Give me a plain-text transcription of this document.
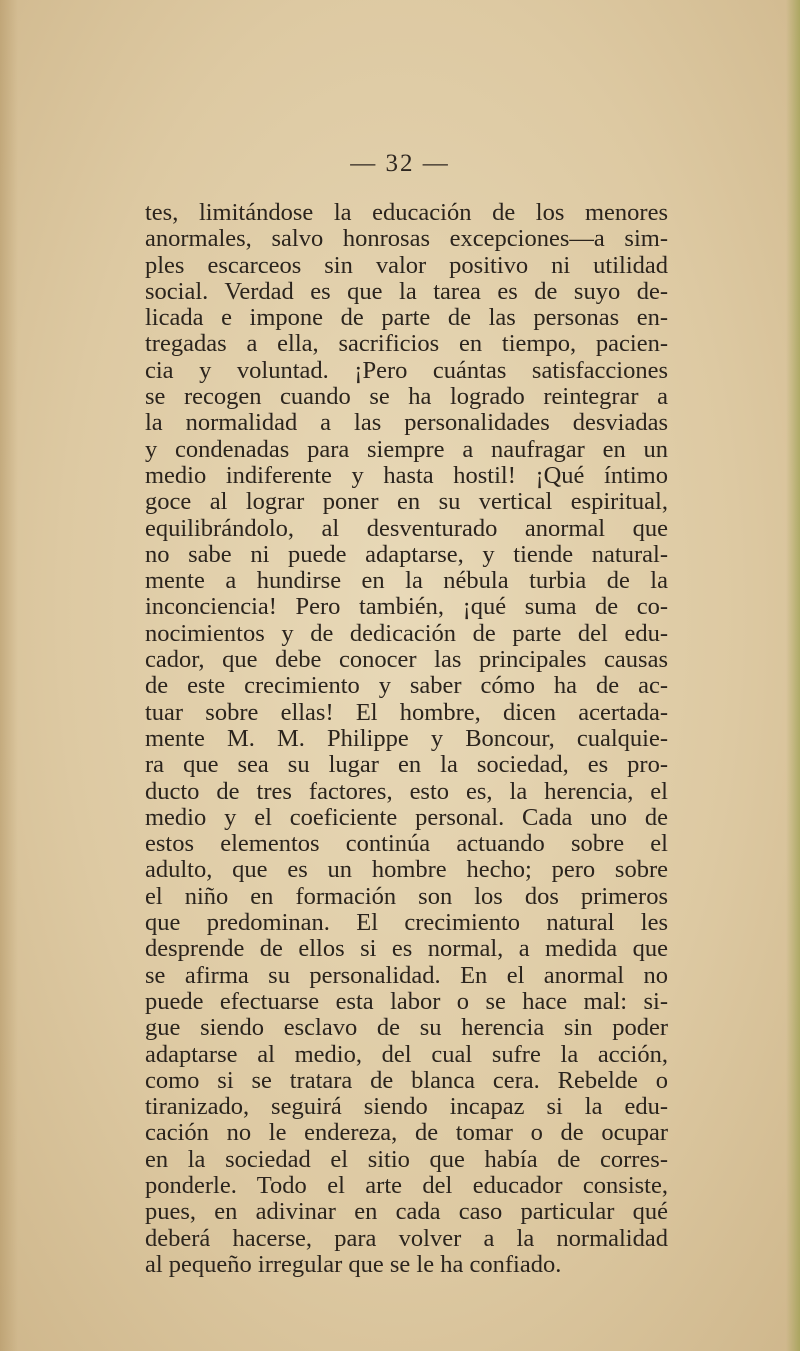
— 32 —
tes, limitándose la educación de los menores
anormales, salvo honrosas excepciones—a sim-
ples escarceos sin valor positivo ni utilidad
social. Verdad es que la tarea es de suyo de-
licada e impone de parte de las personas en-
tregadas a ella, sacrificios en tiempo, pacien-
cia y voluntad. ¡Pero cuántas satisfacciones
se recogen cuando se ha logrado reintegrar a
la normalidad a las personalidades desviadas
y condenadas para siempre a naufragar en un
medio indiferente y hasta hostil! ¡Qué íntimo
goce al lograr poner en su vertical espiritual,
equilibrándolo, al desventurado anormal que
no sabe ni puede adaptarse, y tiende natural-
mente a hundirse en la nébula turbia de la
inconciencia! Pero también, ¡qué suma de co-
nocimientos y de dedicación de parte del edu-
cador, que debe conocer las principales causas
de este crecimiento y saber cómo ha de ac-
tuar sobre ellas! El hombre, dicen acertada-
mente M. M. Philippe y Boncour, cualquie-
ra que sea su lugar en la sociedad, es pro-
ducto de tres factores, esto es, la herencia, el
medio y el coeficiente personal. Cada uno de
estos elementos continúa actuando sobre el
adulto, que es un hombre hecho; pero sobre
el niño en formación son los dos primeros
que predominan. El crecimiento natural les
desprende de ellos si es normal, a medida que
se afirma su personalidad. En el anormal no
puede efectuarse esta labor o se hace mal: si-
gue siendo esclavo de su herencia sin poder
adaptarse al medio, del cual sufre la acción,
como si se tratara de blanca cera. Rebelde o
tiranizado, seguirá siendo incapaz si la edu-
cación no le endereza, de tomar o de ocupar
en la sociedad el sitio que había de corres-
ponderle. Todo el arte del educador consiste,
pues, en adivinar en cada caso particular qué
deberá hacerse, para volver a la normalidad
al pequeño irregular que se le ha confiado.
